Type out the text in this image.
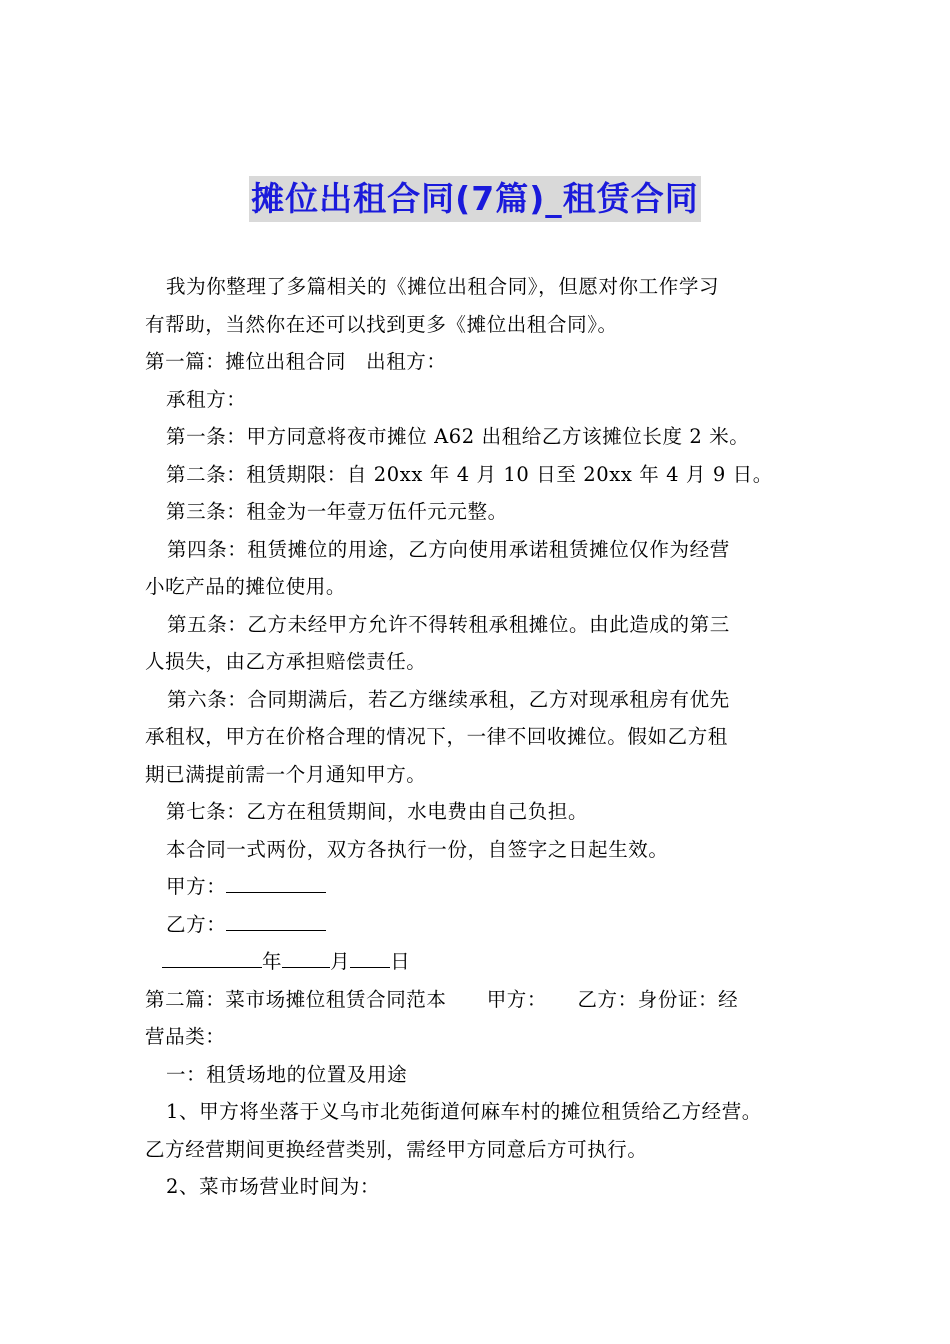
摊位出租合同(7篇)_租赁合同
我为你整理了多篇相关的《摊位出租合同》，但愿对你工作学习
有帮助，当然你在还可以找到更多《摊位出租合同》。
第一篇：摊位出租合同　出租方：
承租方：
第一条：甲方同意将夜市摊位 A62 出租给乙方该摊位长度 2 米。
第二条：租赁期限：自 20xx 年 4 月 10 日至 20xx 年 4 月 9 日。
第三条：租金为一年壹万伍仟元元整。
第四条：租赁摊位的用途，乙方向使用承诺租赁摊位仅作为经营
小吃产品的摊位使用。
第五条：乙方未经甲方允许不得转租承租摊位。由此造成的第三
人损失，由乙方承担赔偿责任。
第六条：合同期满后，若乙方继续承租，乙方对现承租房有优先
承租权，甲方在价格合理的情况下，一律不回收摊位。假如乙方租
期已满提前需一个月通知甲方。
第七条：乙方在租赁期间，水电费由自己负担。
本合同一式两份，双方各执行一份，自签字之日起生效。
甲方：
乙方：
年 月 日
第二篇：菜市场摊位租赁合同范本　　甲方：　　乙方：身份证：经
营品类：
一：租赁场地的位置及用途
1、甲方将坐落于义乌市北苑街道何麻车村的摊位租赁给乙方经营。
乙方经营期间更换经营类别，需经甲方同意后方可执行。
2、菜市场营业时间为：
